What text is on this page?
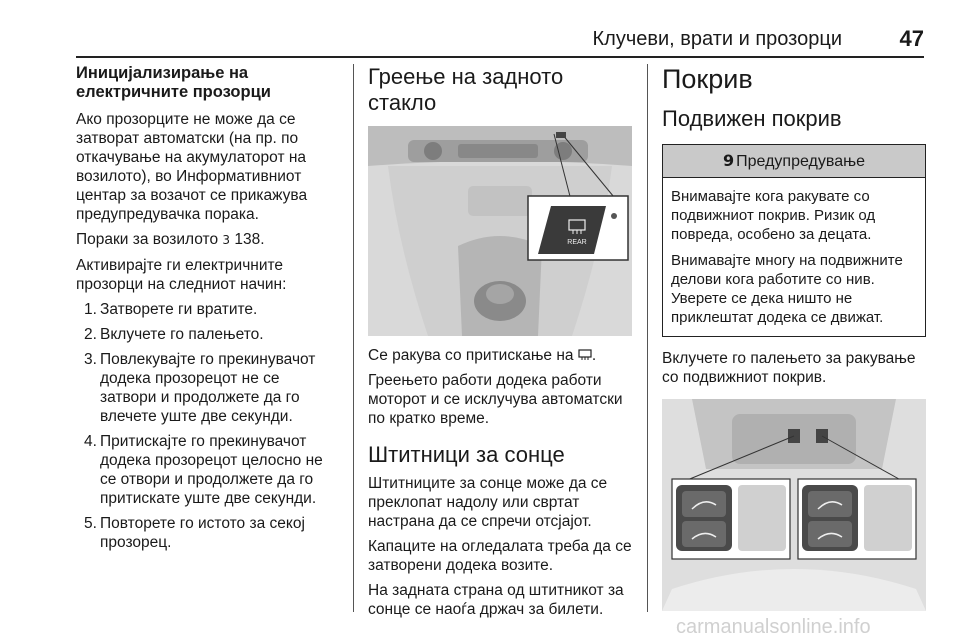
Клучеви, врати и прозорци	47
Иницијализирање на електричните прозорци

Ако прозорците не може да се затворат автоматски (на пр. по откачување на акумулаторот на возилото), во Информативниот центар за возачот се прикажува предупредувачка порака.

Пораки за возилото 3 138.

Активирајте ги електричните прозорци на следниот начин:

1. Затворете ги вратите.
2. Вклучете го палењето.
3. Повлекувајте го прекинувачот додека прозорецот не се затвори и продолжете да го влечете уште две секунди.
4. Притискајте го прекинувачот додека прозорецот целосно не се отвори и продолжете да го притискате уште две секунди.
5. Повторете го истото за секој прозорец.
Греење на задното стакло
REAR

Се ракува со притискање на .

Греењето работи додека работи моторот и се исклучува автоматски по кратко време.

Штитници за сонце

Штитниците за сонце може да се преклопат надолу или свртат настрана да се спречи отсјајот.

Капаците на огледалата треба да се затворени додека возите.

На задната страна од штитникот за сонце се наоѓа држач за билети.

Покрив
Подвижен покрив
9 Предупредување

Внимавајте кога ракувате со подвижниот покрив. Ризик од повреда, особено за децата.

Внимавајте многу на подвижните делови кога работите со нив. Уверете се дека ништо не приклештат додека се движат.

Вклучете го палењето за ракување со подвижниот покрив.

carmanualsonline.info
